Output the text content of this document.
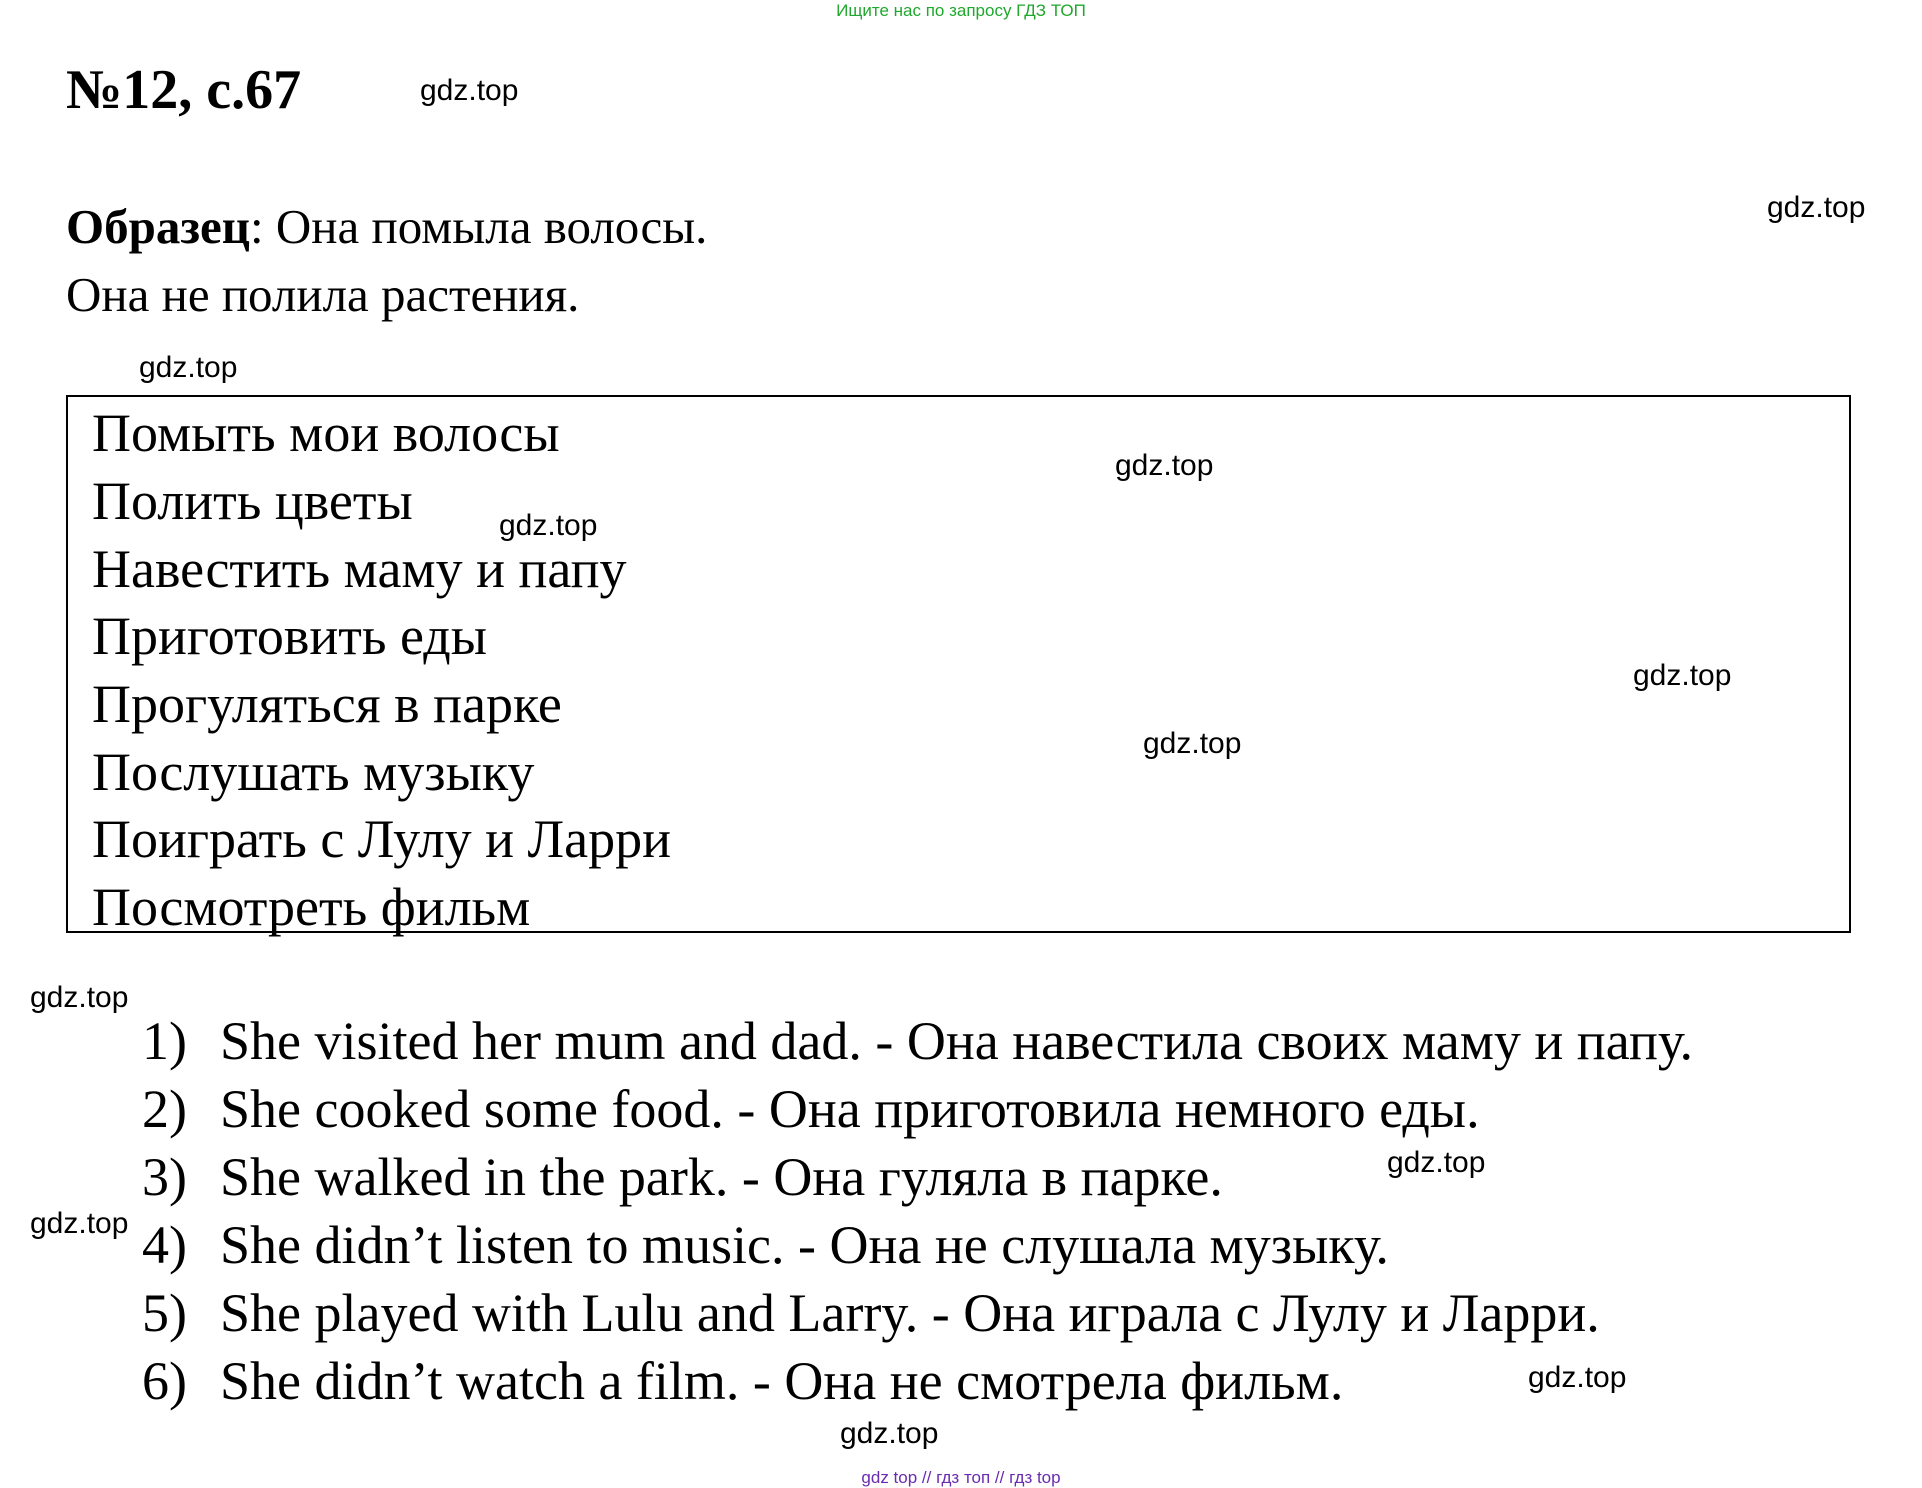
Ищите нас по запросу ГДЗ ТОП
№12, с.67	gdz.top
gdz.top
gdz.top
gdz.top
gdz.top
gdz.top
gdz.top
gdz.top
gdz.top
gdz.top
gdz.top
gdz.top
Образец: Она помыла волосы.
Она не полила растения.
Помыть мои волосы
Полить цветы
Навестить маму и папу
Приготовить еды
Прогуляться в парке
Послушать музыку
Поиграть с Лулу и Ларри
Посмотреть фильм
1) She visited her mum and dad. - Она навестила своих маму и папу.
2) She cooked some food. - Она приготовила немного еды.
3) She walked in the park. - Она гуляла в парке.
4) She didn’t listen to music. - Она не слушала музыку.
5) She played with Lulu and Larry. - Она играла с Лулу и Ларри.
6) She didn’t watch a film. - Она не смотрела фильм.
gdz top // гдз топ // гдз top
